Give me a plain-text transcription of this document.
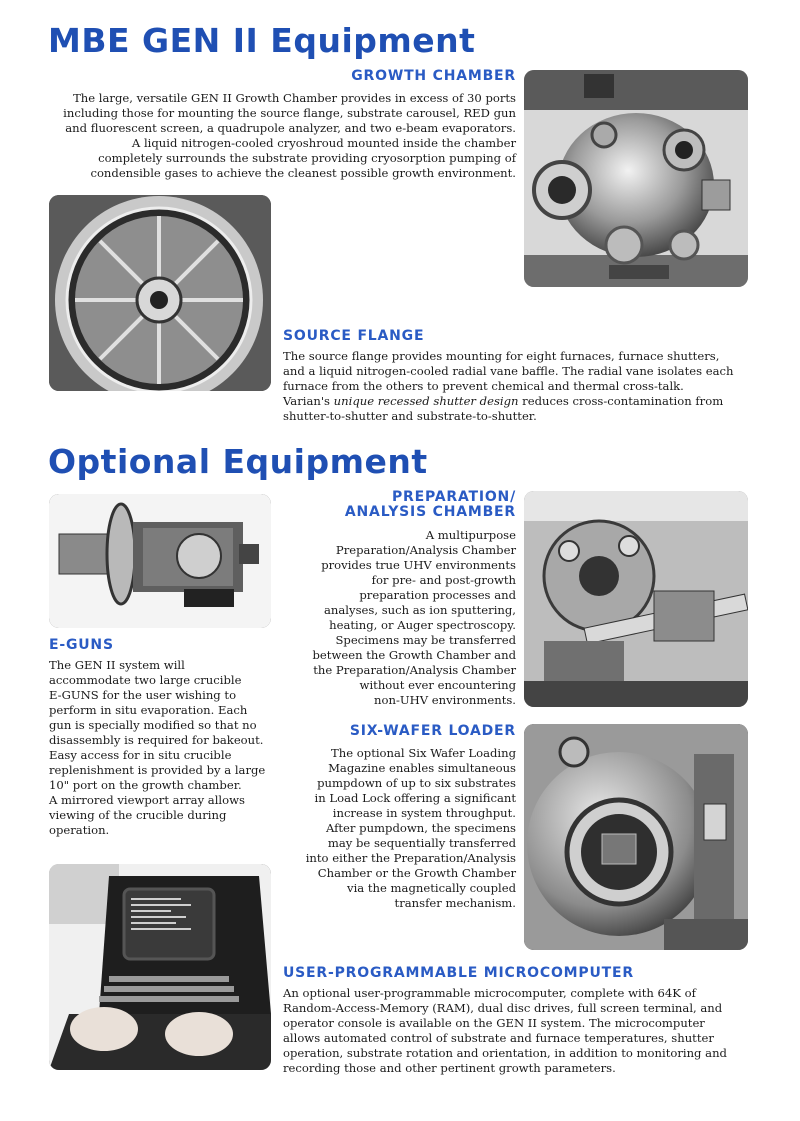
MBE GEN II Equipment
Optional Equipment
GROWTH CHAMBER
The large, versatile GEN II Growth Chamber provides in excess of 30 ports
including those for mounting the source flange, substrate carousel, RED gun
and fluorescent screen, a quadrupole analyzer, and two e-beam evaporators.
A liquid nitrogen-cooled cryoshroud mounted inside the chamber
completely surrounds the substrate providing cryosorption pumping of
condensible gases to achieve the cleanest possible growth environment.
SOURCE FLANGE
The source flange provides mounting for eight furnaces, furnace shutters,
and a liquid nitrogen-cooled radial vane baffle. The radial vane isolates each
furnace from the others to prevent chemical and thermal cross-talk.
Varian's unique recessed shutter design reduces cross-contamination from
shutter-to-shutter and substrate-to-shutter.
PREPARATION/
ANALYSIS CHAMBER
A multipurpose
Preparation/Analysis Chamber
provides true UHV environments
for pre- and post-growth
preparation processes and
analyses, such as ion sputtering,
heating, or Auger spectroscopy.
Specimens may be transferred
between the Growth Chamber and
the Preparation/Analysis Chamber
without ever encountering
non-UHV environments.
E-GUNS
The GEN II system will
accommodate two large crucible
E-GUNS for the user wishing to
perform in situ evaporation. Each
gun is specially modified so that no
disassembly is required for bakeout.
Easy access for in situ crucible
replenishment is provided by a large
10" port on the growth chamber.
A mirrored viewport array allows
viewing of the crucible during
operation.
SIX-WAFER LOADER
The optional Six Wafer Loading
Magazine enables simultaneous
pumpdown of up to six substrates
in Load Lock offering a significant
increase in system throughput.
After pumpdown, the specimens
may be sequentially transferred
into either the Preparation/Analysis
Chamber or the Growth Chamber
via the magnetically coupled
transfer mechanism.
USER-PROGRAMMABLE MICROCOMPUTER
An optional user-programmable microcomputer, complete with 64K of
Random-Access-Memory (RAM), dual disc drives, full screen terminal, and
operator console is available on the GEN II system. The microcomputer
allows automated control of substrate and furnace temperatures, shutter
operation, substrate rotation and orientation, in addition to monitoring and
recording those and other pertinent growth parameters.
